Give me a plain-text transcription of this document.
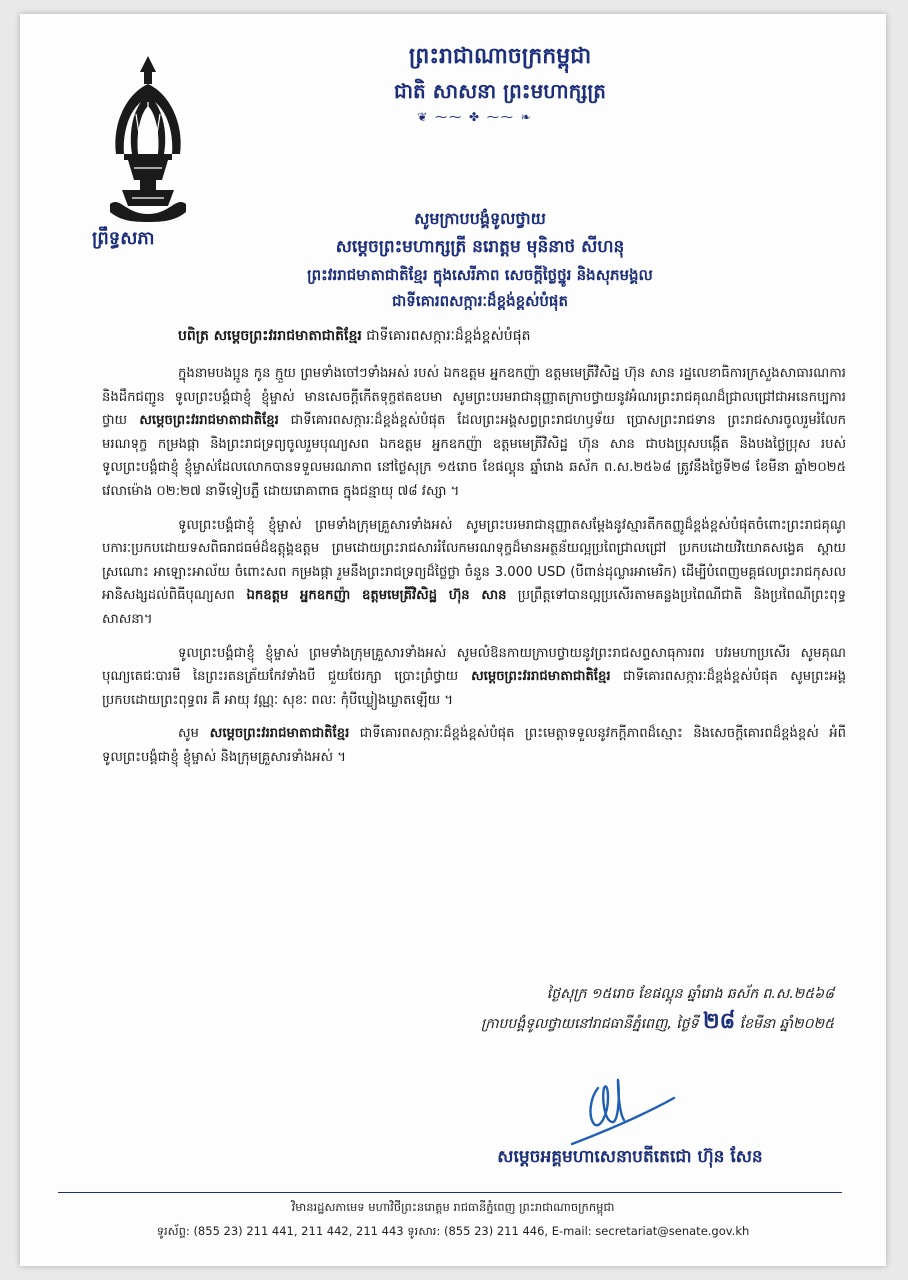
ព្រឹទ្ធសភា
ព្រះរាជាណាចក្រកម្ពុជា
ជាតិ សាសនា ព្រះមហាក្សត្រ
❦ ⁓⁓ ✤ ⁓⁓ ❧
សូមក្រាបបង្គំទូលថ្វាយ
សម្តេចព្រះមហាក្សត្រី នរោត្តម មុនិនាថ សីហនុ
ព្រះវររាជមាតាជាតិខ្មែរ ក្នុងសេរីភាព សេចក្តីថ្លៃថ្នូរ និងសុភមង្គល
ជាទីគោរពសក្ការៈដ៏ខ្ពង់ខ្ពស់បំផុត
បពិត្រ សម្តេចព្រះវររាជមាតាជាតិខ្មែរ ជាទីគោរពសក្ការៈដ៏ខ្ពង់ខ្ពស់បំផុត

ក្នុងនាមបងប្អូន កូន ក្មួយ ព្រមទាំងចៅៗទាំងអស់ របស់ ឯកឧត្តម អ្នកឧកញ៉ា ឧត្តមមេត្រីវិសិដ្ឋ ហ៊ុន សាន រដ្ឋលេខាធិការក្រសួងសាធារណការ និងដឹកជញ្ជូន ទូលព្រះបង្គំជាខ្ញុំ ខ្ញុំម្ចាស់ មានសេចក្តីកើតទុក្ខឥតឧបមា សូមព្រះបរមរាជានុញ្ញាតក្រាបថ្វាយនូវអំណរព្រះរាជគុណដ៏ជ្រាលជ្រៅជាអនេកប្បការ ថ្វាយ សម្តេចព្រះវររាជមាតាជាតិខ្មែរ ជាទីគោរពសក្ការៈដ៏ខ្ពង់ខ្ពស់បំផុត ដែលព្រះអង្គសព្វព្រះរាជហឫទ័យ ប្រោសព្រះរាជទាន ព្រះរាជសារចូលរួមរំលែកមរណទុក្ខ កម្រងផ្កា និងព្រះរាជទ្រព្យចូលរួមបុណ្យសព ឯកឧត្តម អ្នកឧកញ៉ា ឧត្តមមេត្រីវិសិដ្ឋ ហ៊ុន សាន ជាបងប្រុសបង្កើត និងបងថ្លៃប្រុស របស់ទូលព្រះបង្គំជាខ្ញុំ ខ្ញុំម្ចាស់ដែលលោកបានទទួលមរណភាព នៅថ្ងៃសុក្រ ១៥រោច ខែផល្គុន ឆ្នាំរោង ឆស័ក ព.ស.២៥៦៨ ត្រូវនឹងថ្ងៃទី២៨ ខែមីនា ឆ្នាំ២០២៥ វេលាម៉ោង ០២:២៧ នាទីទៀបភ្លឺ ដោយរោគាពាធ ក្នុងជន្មាយុ ៧៨ វស្សា ។

ទូលព្រះបង្គំជាខ្ញុំ ខ្ញុំម្ចាស់ ព្រមទាំងក្រុមគ្រួសារទាំងអស់ សូមព្រះបរមរាជានុញ្ញាតសម្តែងនូវស្មារតីកតញ្ញូដ៏ខ្ពង់ខ្ពស់បំផុតចំពោះព្រះរាជគុណូបការៈប្រកបដោយទសពិធរាជធម៌ដ៏ឧត្តុង្គឧត្តម ព្រមដោយព្រះរាជសាររំលែកមរណទុក្ខដ៏មានអត្ថន័យល្អប្រពៃជ្រាលជ្រៅ ប្រកបដោយវិយោគសង្វេគ ស្តាយស្រណោះ អាឡោះអាល័យ ចំពោះសព កម្រងផ្កា រួមនឹងព្រះរាជទ្រព្យដ៏ថ្លៃថ្លា ចំនួន 3.000 USD (បីពាន់ដុល្លារអាមេរិក) ដើម្បីបំពេញមគ្គផលព្រះរាជកុសលអានិសង្សដល់ពិធីបុណ្យសព ឯកឧត្តម អ្នកឧកញ៉ា ឧត្តមមេត្រីវិសិដ្ឋ ហ៊ុន សាន ប្រព្រឹត្តទៅបានល្អប្រសើរតាមគន្លងប្រពៃណីជាតិ និងប្រពៃណីព្រះពុទ្ធសាសនា។

ទូលព្រះបង្គំជាខ្ញុំ ខ្ញុំម្ចាស់ ព្រមទាំងក្រុមគ្រួសារទាំងអស់ សូមលំឱនកាយក្រាបថ្វាយនូវព្រះរាជសព្ទសាធុការពរ បវរមហាប្រសើរ សូមគុណបុណ្យតេជៈបារមី នៃព្រះរតនត្រ័យកែវទាំងបី ជួយថែរក្សា ប្រោះព្រំថ្វាយ សម្តេចព្រះវររាជមាតាជាតិខ្មែរ ជាទីគោរពសក្ការៈដ៏ខ្ពង់ខ្ពស់បំផុត សូមព្រះអង្គប្រកបដោយព្រះពុទ្ធពរ គឺ អាយុ វណ្ណៈ សុខៈ ពលៈ កុំបីឃ្លៀងឃ្លាតឡើយ ។

សូម សម្តេចព្រះវររាជមាតាជាតិខ្មែរ ជាទីគោរពសក្ការៈដ៏ខ្ពង់ខ្ពស់បំផុត ព្រះមេត្តាទទួលនូវកក្តីភាពដ៏ស្មោះ និងសេចក្តីគោរពដ៏ខ្ពង់ខ្ពស់ អំពីទូលព្រះបង្គំជាខ្ញុំ ខ្ញុំម្ចាស់ និងក្រុមគ្រួសារទាំងអស់ ។

ថ្ងៃសុក្រ ១៥រោច ខែផល្គុន ឆ្នាំរោង ឆស័ក ព.ស.២៥៦៨
ក្រាបបង្គំទូលថ្វាយនៅរាជធានីភ្នំពេញ, ថ្ងៃទី ២៨ ខែមីនា ឆ្នាំ២០២៥
សម្តេចអគ្គមហាសេនាបតីតេជោ ហ៊ុន សែន
វិមានរដ្ឋសភាមេទ មហាវិថីព្រះនរោត្តម រាជធានីភ្នំពេញ ព្រះរាជាណាចក្រកម្ពុជា
ទូរស័ព្ទ: (855 23) 211 441, 211 442, 211 443 ទូរសារ: (855 23) 211 446, E-mail: secretariat@senate.gov.kh
